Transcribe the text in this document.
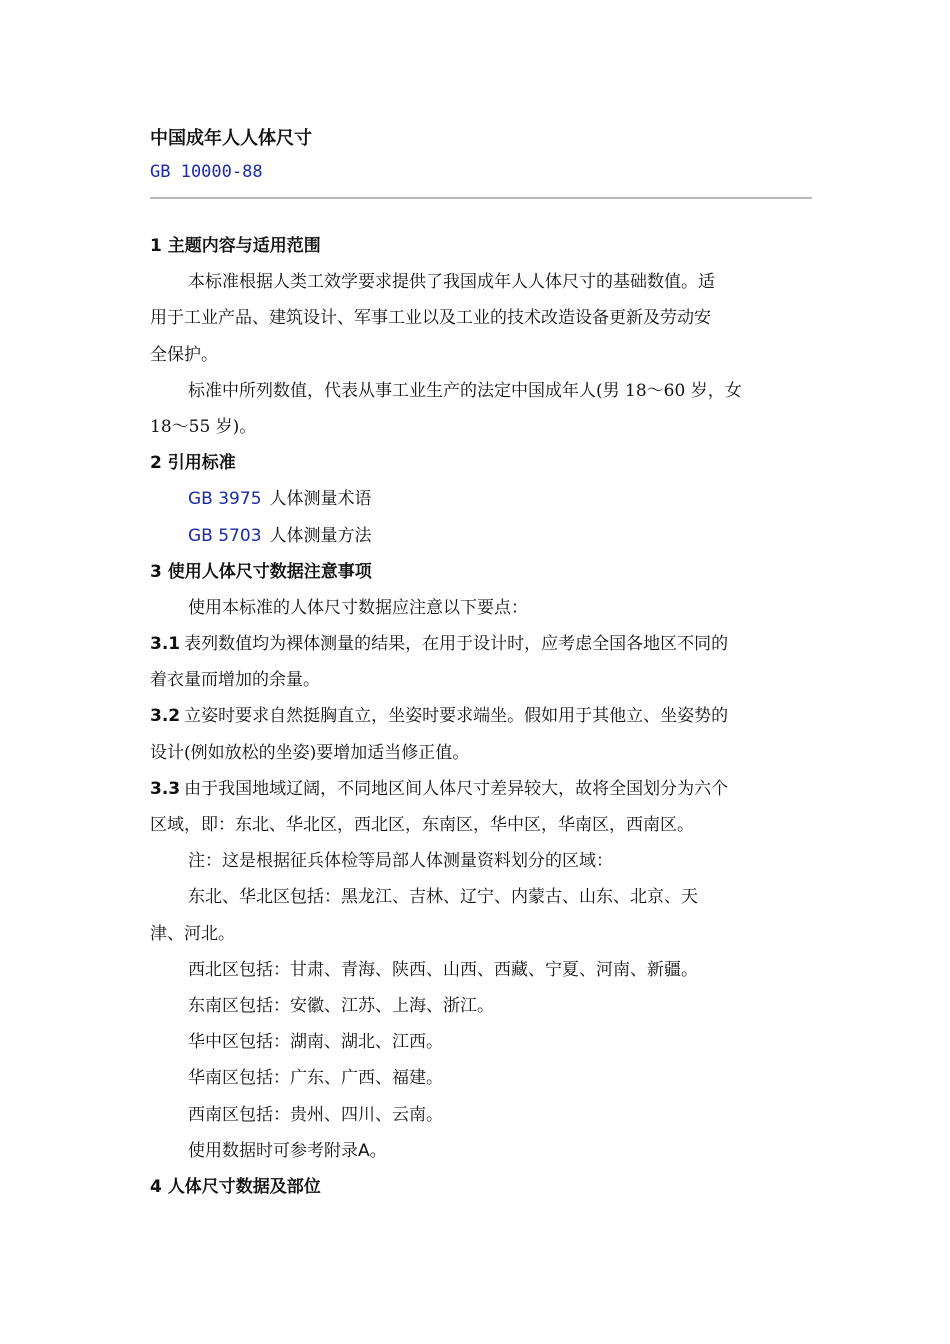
中国成年人人体尺寸
GB 10000-88
1 主题内容与适用范围
本标准根据人类工效学要求提供了我国成年人人体尺寸的基础数值。适
用于工业产品、建筑设计、军事工业以及工业的技术改造设备更新及劳动安
全保护。
标准中所列数值，代表从事工业生产的法定中国成年人(男 18～60 岁，女
18～55 岁)。
2 引用标准
GB 3975 人体测量术语
GB 5703 人体测量方法
3 使用人体尺寸数据注意事项
使用本标准的人体尺寸数据应注意以下要点：
3.1 表列数值均为裸体测量的结果，在用于设计时，应考虑全国各地区不同的
着衣量而增加的余量。
3.2 立姿时要求自然挺胸直立，坐姿时要求端坐。假如用于其他立、坐姿势的
设计(例如放松的坐姿)要增加适当修正值。
3.3 由于我国地域辽阔，不同地区间人体尺寸差异较大，故将全国划分为六个
区域，即：东北、华北区，西北区，东南区，华中区，华南区，西南区。
注：这是根据征兵体检等局部人体测量资料划分的区域：
东北、华北区包括：黑龙江、吉林、辽宁、内蒙古、山东、北京、天
津、河北。
西北区包括：甘肃、青海、陕西、山西、西藏、宁夏、河南、新疆。
东南区包括：安徽、江苏、上海、浙江。
华中区包括：湖南、湖北、江西。
华南区包括：广东、广西、福建。
西南区包括：贵州、四川、云南。
使用数据时可参考附录A。
4 人体尺寸数据及部位
